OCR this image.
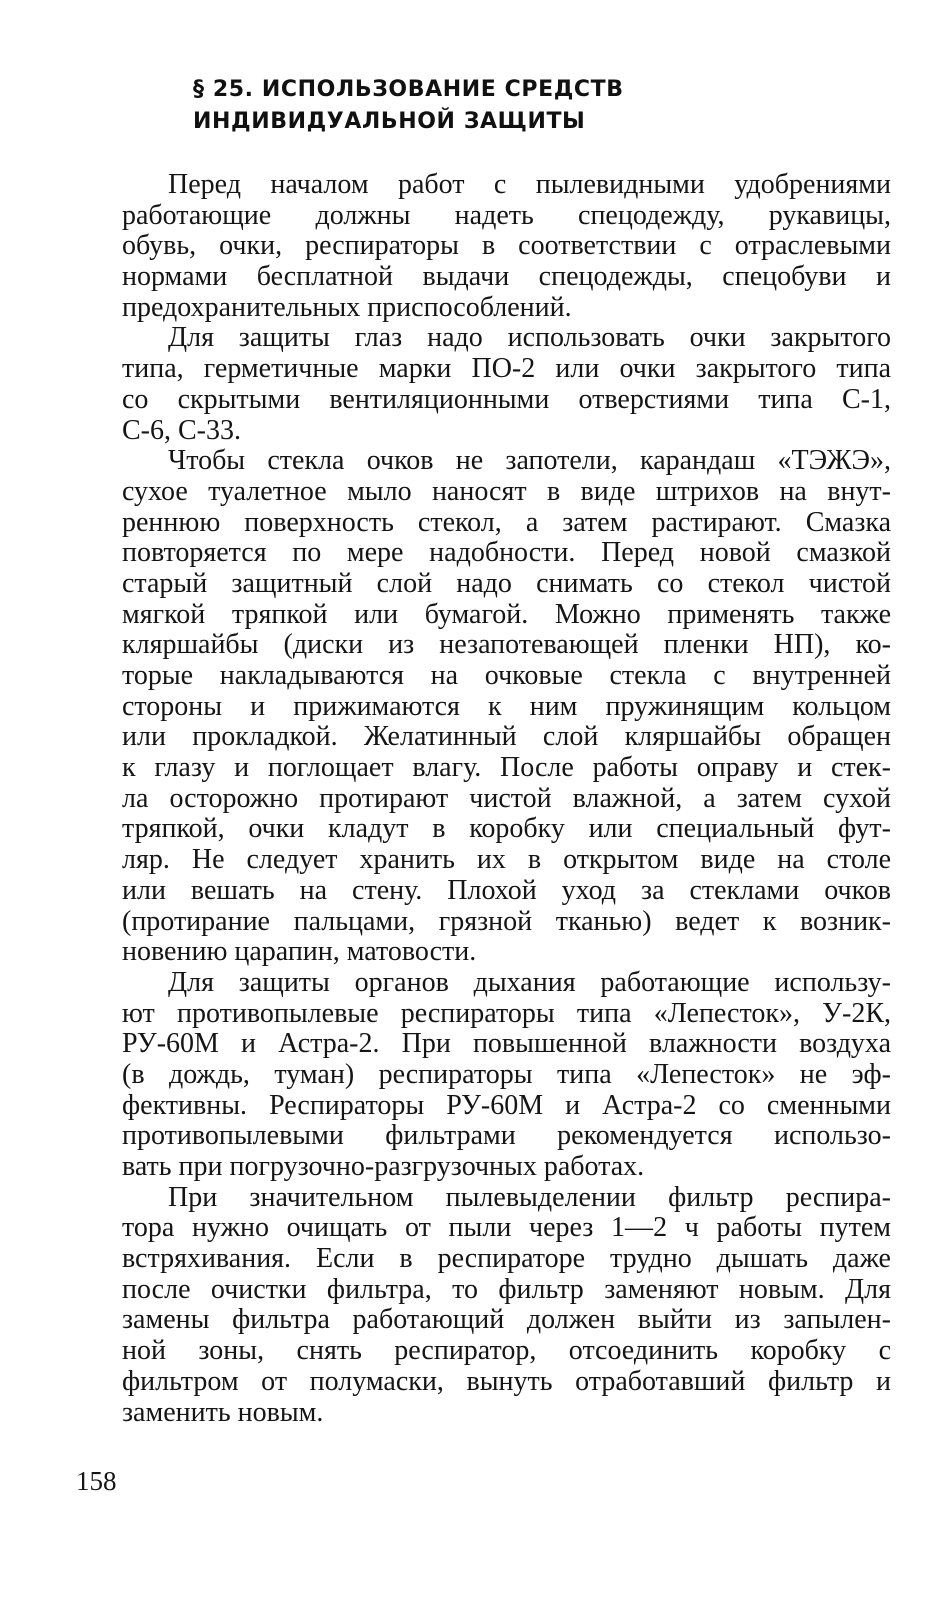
§ 25. ИСПОЛЬЗОВАНИЕ СРЕДСТВ
ИНДИВИДУАЛЬНОЙ ЗАЩИТЫ
Перед началом работ с пылевидными удобрениями
работающие должны надеть спецодежду, рукавицы,
обувь, очки, респираторы в соответствии с отраслевыми
нормами бесплатной выдачи спецодежды, спецобуви и
предохранительных приспособлений.
Для защиты глаз надо использовать очки закрытого
типа, герметичные марки ПО-2 или очки закрытого типа
со скрытыми вентиляционными отверстиями типа С-1,
С-6, С-33.
Чтобы стекла очков не запотели, карандаш «ТЭЖЭ»,
сухое туалетное мыло наносят в виде штрихов на внут-
реннюю поверхность стекол, а затем растирают. Смазка
повторяется по мере надобности. Перед новой смазкой
старый защитный слой надо снимать со стекол чистой
мягкой тряпкой или бумагой. Можно применять также
кляршайбы (диски из незапотевающей пленки НП), ко-
торые накладываются на очковые стекла с внутренней
стороны и прижимаются к ним пружинящим кольцом
или прокладкой. Желатинный слой кляршайбы обращен
к глазу и поглощает влагу. После работы оправу и стек-
ла осторожно протирают чистой влажной, а затем сухой
тряпкой, очки кладут в коробку или специальный фут-
ляр. Не следует хранить их в открытом виде на столе
или вешать на стену. Плохой уход за стеклами очков
(протирание пальцами, грязной тканью) ведет к возник-
новению царапин, матовости.
Для защиты органов дыхания работающие использу-
ют противопылевые респираторы типа «Лепесток», У-2К,
РУ-60М и Астра-2. При повышенной влажности воздуха
(в дождь, туман) респираторы типа «Лепесток» не эф-
фективны. Респираторы РУ-60М и Астра-2 со сменными
противопылевыми фильтрами рекомендуется использо-
вать при погрузочно-разгрузочных работах.
При значительном пылевыделении фильтр респира-
тора нужно очищать от пыли через 1—2 ч работы путем
встряхивания. Если в респираторе трудно дышать даже
после очистки фильтра, то фильтр заменяют новым. Для
замены фильтра работающий должен выйти из запылен-
ной зоны, снять респиратор, отсоединить коробку с
фильтром от полумаски, вынуть отработавший фильтр и
заменить новым.
158
